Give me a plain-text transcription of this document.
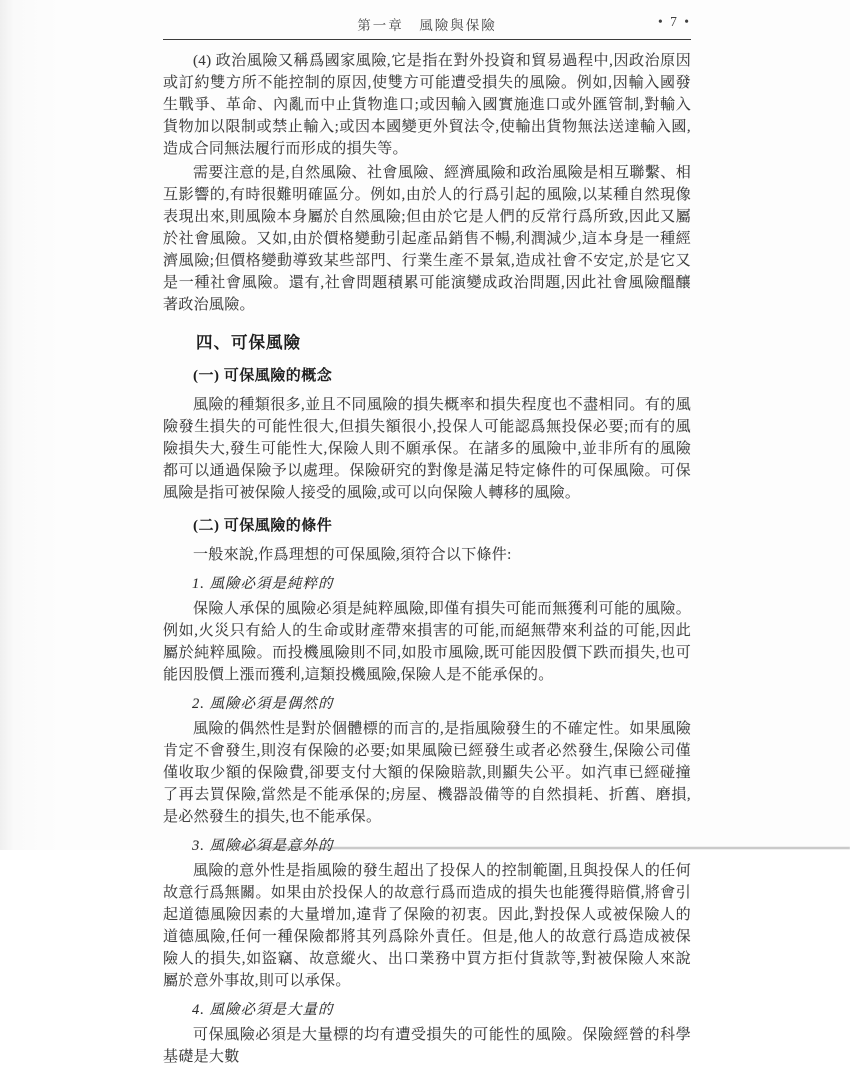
第一章　風險與保險	• 7 •

(4) 政治風險又稱爲國家風險,它是指在對外投資和貿易過程中,因政治原因或訂約雙方所不能控制的原因,使雙方可能遭受損失的風險。例如,因輸入國發生戰爭、革命、內亂而中止貨物進口;或因輸入國實施進口或外匯管制,對輸入貨物加以限制或禁止輸入;或因本國變更外貿法令,使輸出貨物無法送達輸入國,造成合同無法履行而形成的損失等。

需要注意的是,自然風險、社會風險、經濟風險和政治風險是相互聯繫、相互影響的,有時很難明確區分。例如,由於人的行爲引起的風險,以某種自然現像表現出來,則風險本身屬於自然風險;但由於它是人們的反常行爲所致,因此又屬於社會風險。又如,由於價格變動引起產品銷售不暢,利潤減少,這本身是一種經濟風險;但價格變動導致某些部門、行業生產不景氣,造成社會不安定,於是它又是一種社會風險。還有,社會問題積累可能演變成政治問題,因此社會風險醞釀著政治風險。

四、可保風險
(一) 可保風險的概念

風險的種類很多,並且不同風險的損失概率和損失程度也不盡相同。有的風險發生損失的可能性很大,但損失額很小,投保人可能認爲無投保必要;而有的風險損失大,發生可能性大,保險人則不願承保。在諸多的風險中,並非所有的風險都可以通過保險予以處理。保險研究的對像是滿足特定條件的可保風險。可保風險是指可被保險人接受的風險,或可以向保險人轉移的風險。

(二) 可保風險的條件

一般來說,作爲理想的可保風險,須符合以下條件:

1. 風險必須是純粹的

保險人承保的風險必須是純粹風險,即僅有損失可能而無獲利可能的風險。例如,火災只有給人的生命或財產帶來損害的可能,而絕無帶來利益的可能,因此屬於純粹風險。而投機風險則不同,如股市風險,既可能因股價下跌而損失,也可能因股價上漲而獲利,這類投機風險,保險人是不能承保的。

2. 風險必須是偶然的

風險的偶然性是對於個體標的而言的,是指風險發生的不確定性。如果風險肯定不會發生,則沒有保險的必要;如果風險已經發生或者必然發生,保險公司僅僅收取少額的保險費,卻要支付大額的保險賠款,則顯失公平。如汽車已經碰撞了再去買保險,當然是不能承保的;房屋、機器設備等的自然損耗、折舊、磨損,是必然發生的損失,也不能承保。

3. 風險必須是意外的

風險的意外性是指風險的發生超出了投保人的控制範圍,且與投保人的任何故意行爲無關。如果由於投保人的故意行爲而造成的損失也能獲得賠償,將會引起道德風險因素的大量增加,違背了保險的初衷。因此,對投保人或被保險人的道德風險,任何一種保險都將其列爲除外責任。但是,他人的故意行爲造成被保險人的損失,如盜竊、故意縱火、出口業務中買方拒付貨款等,對被保險人來說屬於意外事故,則可以承保。

4. 風險必須是大量的

可保風險必須是大量標的均有遭受損失的可能性的風險。保險經營的科學基礎是大數
